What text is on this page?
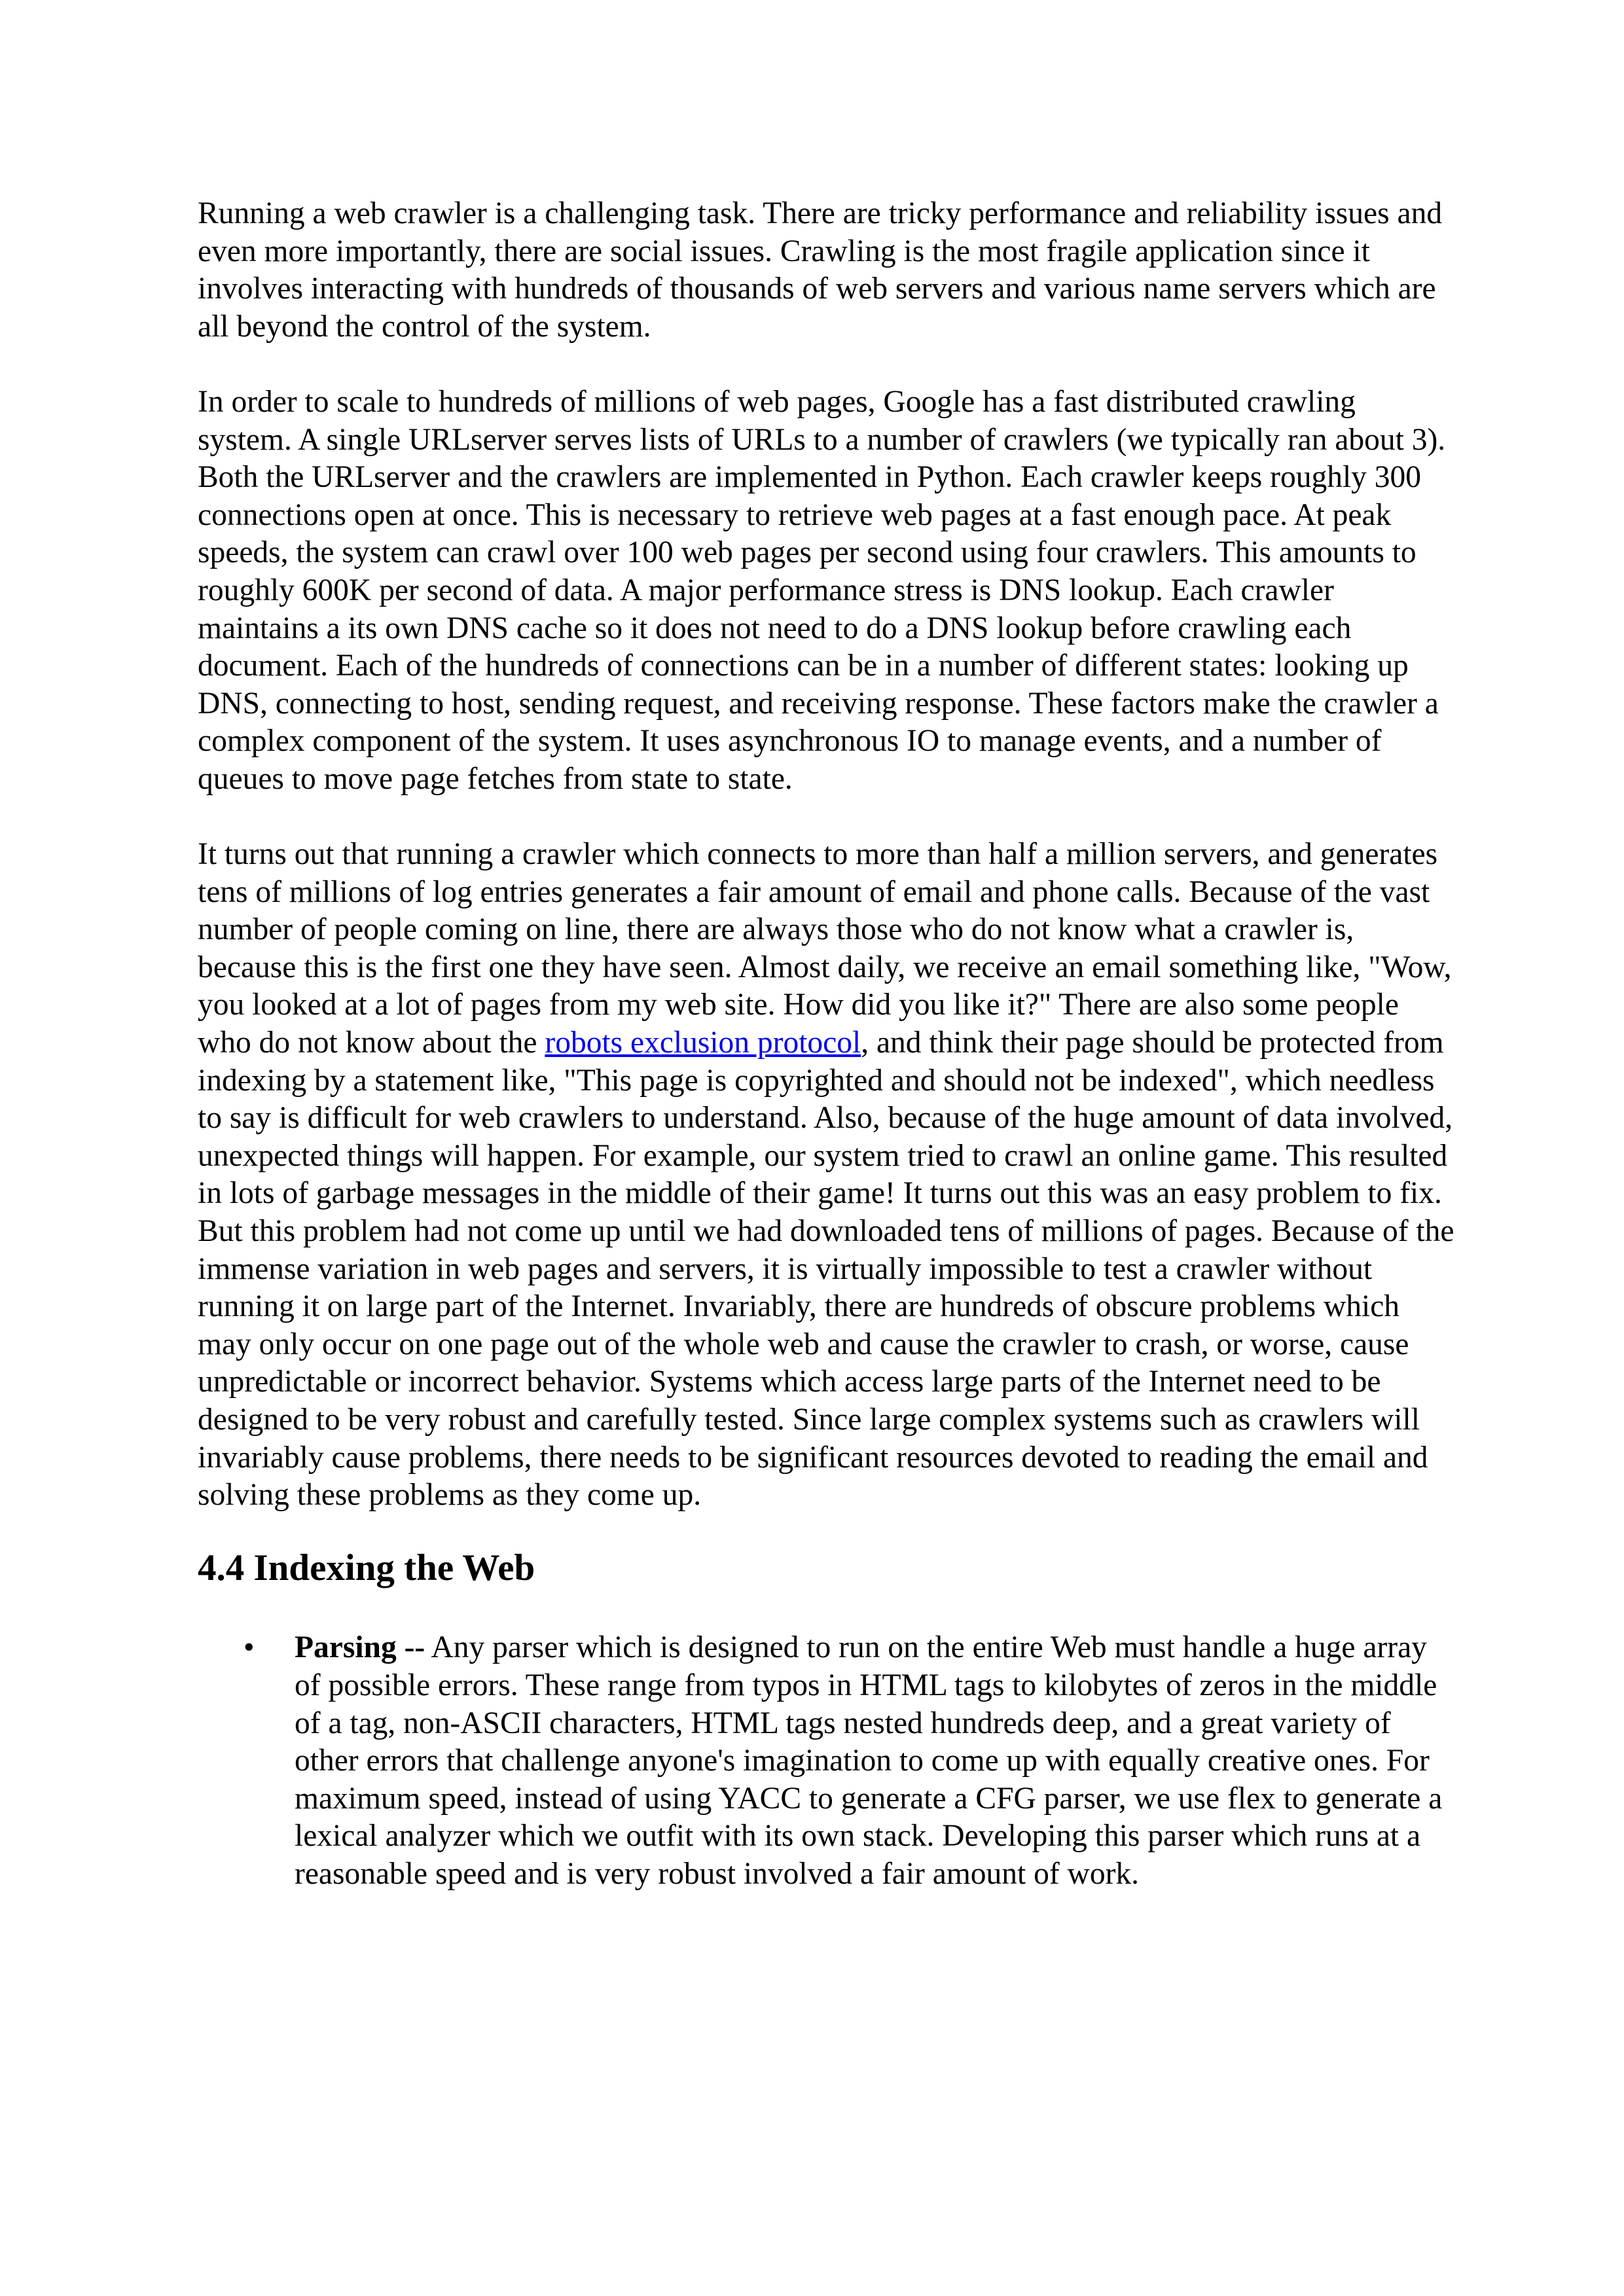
Running a web crawler is a challenging task. There are tricky performance and reliability issues and even more importantly, there are social issues. Crawling is the most fragile application since it involves interacting with hundreds of thousands of web servers and various name servers which are all beyond the control of the system.

In order to scale to hundreds of millions of web pages, Google has a fast distributed crawling system. A single URLserver serves lists of URLs to a number of crawlers (we typically ran about 3). Both the URLserver and the crawlers are implemented in Python. Each crawler keeps roughly 300 connections open at once. This is necessary to retrieve web pages at a fast enough pace. At peak speeds, the system can crawl over 100 web pages per second using four crawlers. This amounts to roughly 600K per second of data. A major performance stress is DNS lookup. Each crawler maintains a its own DNS cache so it does not need to do a DNS lookup before crawling each document. Each of the hundreds of connections can be in a number of different states: looking up DNS, connecting to host, sending request, and receiving response. These factors make the crawler a complex component of the system. It uses asynchronous IO to manage events, and a number of queues to move page fetches from state to state.

It turns out that running a crawler which connects to more than half a million servers, and generates tens of millions of log entries generates a fair amount of email and phone calls. Because of the vast number of people coming on line, there are always those who do not know what a crawler is, because this is the first one they have seen. Almost daily, we receive an email something like, "Wow, you looked at a lot of pages from my web site. How did you like it?" There are also some people who do not know about the robots exclusion protocol, and think their page should be protected from indexing by a statement like, "This page is copyrighted and should not be indexed", which needless to say is difficult for web crawlers to understand. Also, because of the huge amount of data involved, unexpected things will happen. For example, our system tried to crawl an online game. This resulted in lots of garbage messages in the middle of their game! It turns out this was an easy problem to fix. But this problem had not come up until we had downloaded tens of millions of pages. Because of the immense variation in web pages and servers, it is virtually impossible to test a crawler without running it on large part of the Internet. Invariably, there are hundreds of obscure problems which may only occur on one page out of the whole web and cause the crawler to crash, or worse, cause unpredictable or incorrect behavior. Systems which access large parts of the Internet need to be designed to be very robust and carefully tested. Since large complex systems such as crawlers will invariably cause problems, there needs to be significant resources devoted to reading the email and solving these problems as they come up.

4.4 Indexing the Web
• Parsing -- Any parser which is designed to run on the entire Web must handle a huge array of possible errors. These range from typos in HTML tags to kilobytes of zeros in the middle of a tag, non-ASCII characters, HTML tags nested hundreds deep, and a great variety of other errors that challenge anyone's imagination to come up with equally creative ones. For maximum speed, instead of using YACC to generate a CFG parser, we use flex to generate a lexical analyzer which we outfit with its own stack. Developing this parser which runs at a reasonable speed and is very robust involved a fair amount of work.
